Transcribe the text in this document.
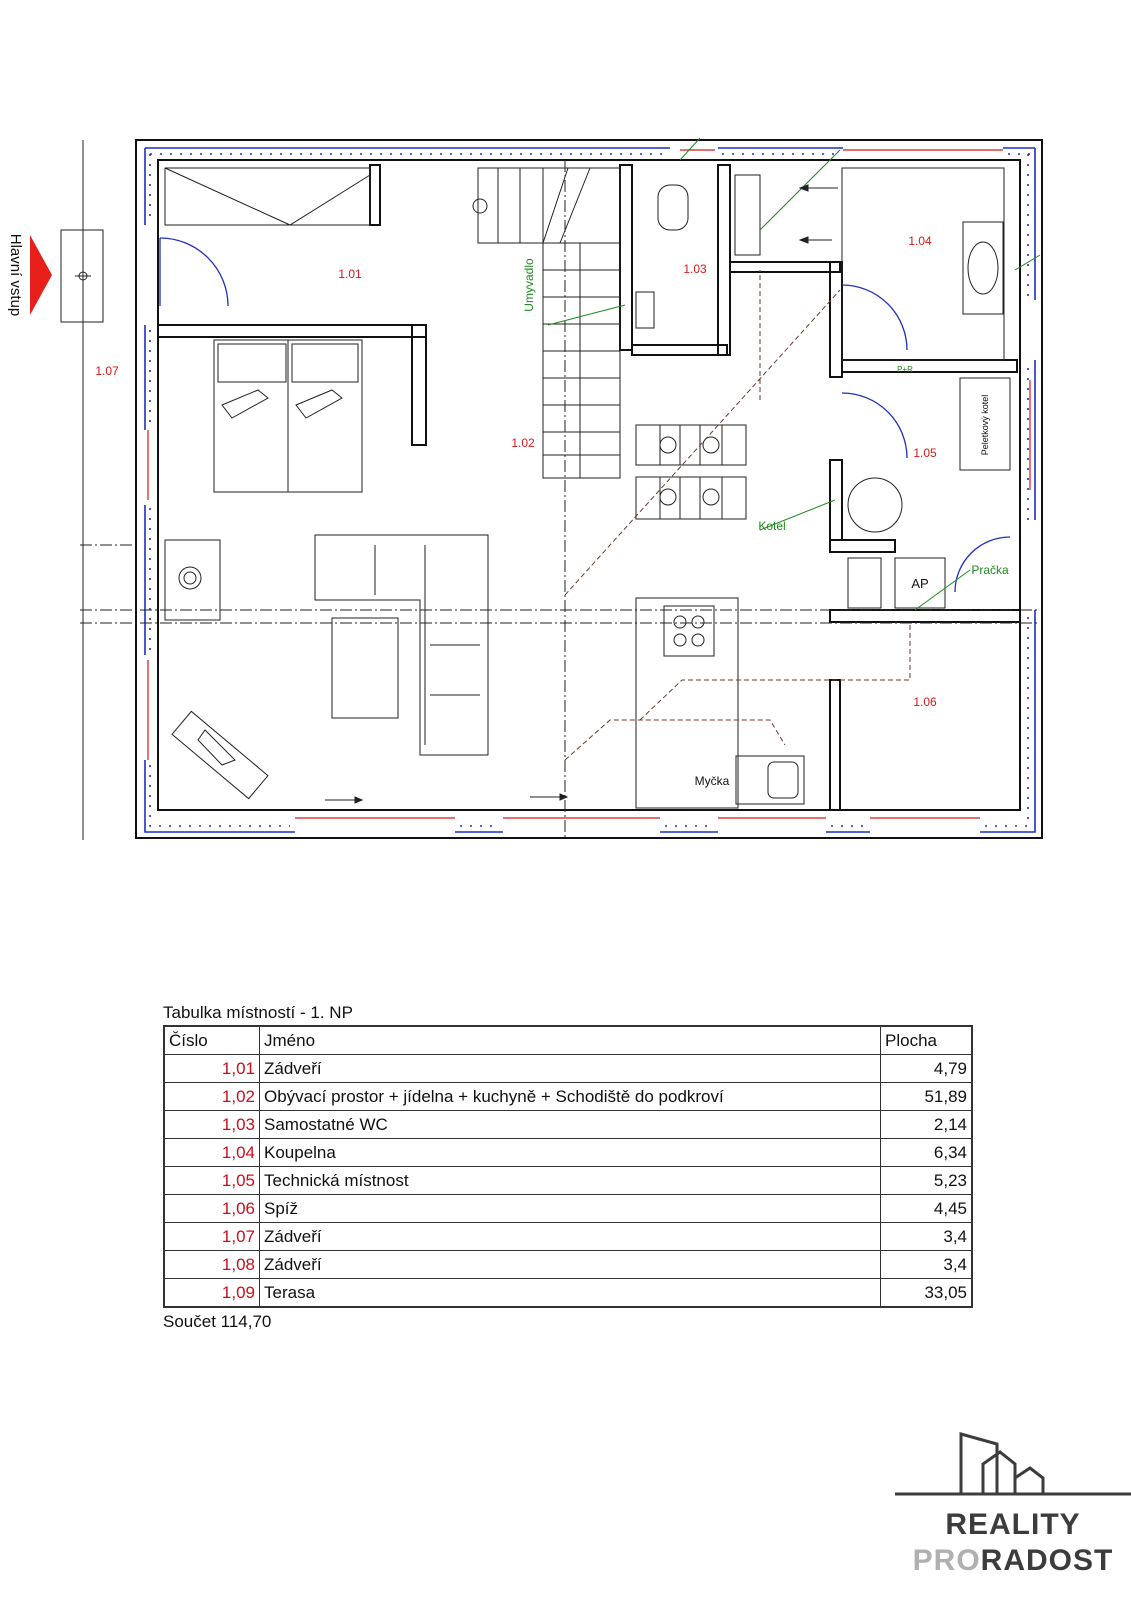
Hlavní vstup	Umyvadlo
Peletkový kotel
AP
P+R
Myčka
1.01
1.02
1.03
1.04
1.05
1.06
1.07
Kotel
Pračka
Tabulka místností - 1. NP
Číslo	Jméno	Plocha
1,01	Zádveří	4,79
1,02	Obývací prostor + jídelna + kuchyně + Schodiště do podkroví	51,89
1,03	Samostatné WC	2,14
1,04	Koupelna	6,34
1,05	Technická místnost	5,23
1,06	Spíž	4,45
1,07	Zádveří	3,4
1,08	Zádveří	3,4
1,09	Terasa	33,05
Součet 114,70
REALITY
PRORADOST
